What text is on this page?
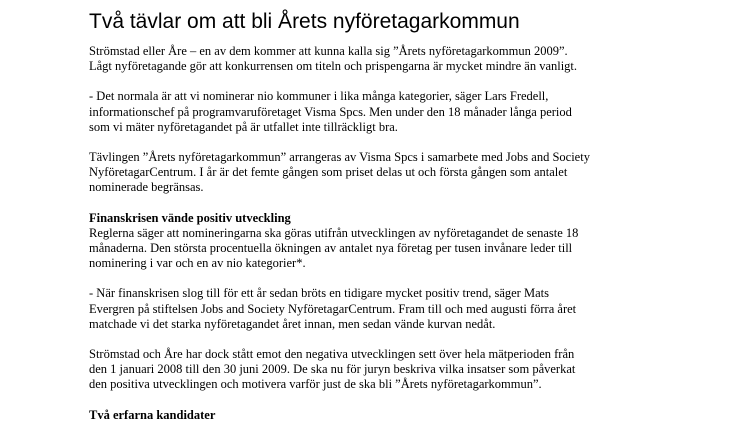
Två tävlar om att bli Årets nyföretagarkommun

Strömstad eller Åre – en av dem kommer att kunna kalla sig ”Årets nyföretagarkommun 2009”.
Lågt nyföretagande gör att konkurrensen om titeln och prispengarna är mycket mindre än vanligt.

- Det normala är att vi nominerar nio kommuner i lika många kategorier, säger Lars Fredell,
informationschef på programvaruföretaget Visma Spcs. Men under den 18 månader långa period
som vi mäter nyföretagandet på är utfallet inte tillräckligt bra.

Tävlingen ”Årets nyföretagarkommun” arrangeras av Visma Spcs i samarbete med Jobs and Society
NyföretagarCentrum. I år är det femte gången som priset delas ut och första gången som antalet
nominerade begränsas.

Finanskrisen vände positiv utveckling

Reglerna säger att nomineringarna ska göras utifrån utvecklingen av nyföretagandet de senaste 18
månaderna. Den största procentuella ökningen av antalet nya företag per tusen invånare leder till
nominering i var och en av nio kategorier*.

- När finanskrisen slog till för ett år sedan bröts en tidigare mycket positiv trend, säger Mats
Evergren på stiftelsen Jobs and Society NyföretagarCentrum. Fram till och med augusti förra året
matchade vi det starka nyföretagandet året innan, men sedan vände kurvan nedåt.

Strömstad och Åre har dock stått emot den negativa utvecklingen sett över hela mätperioden från
den 1 januari 2008 till den 30 juni 2009. De ska nu för juryn beskriva vilka insatser som påverkat
den positiva utvecklingen och motivera varför just de ska bli ”Årets nyföretagarkommun”.

Två erfarna kandidater
